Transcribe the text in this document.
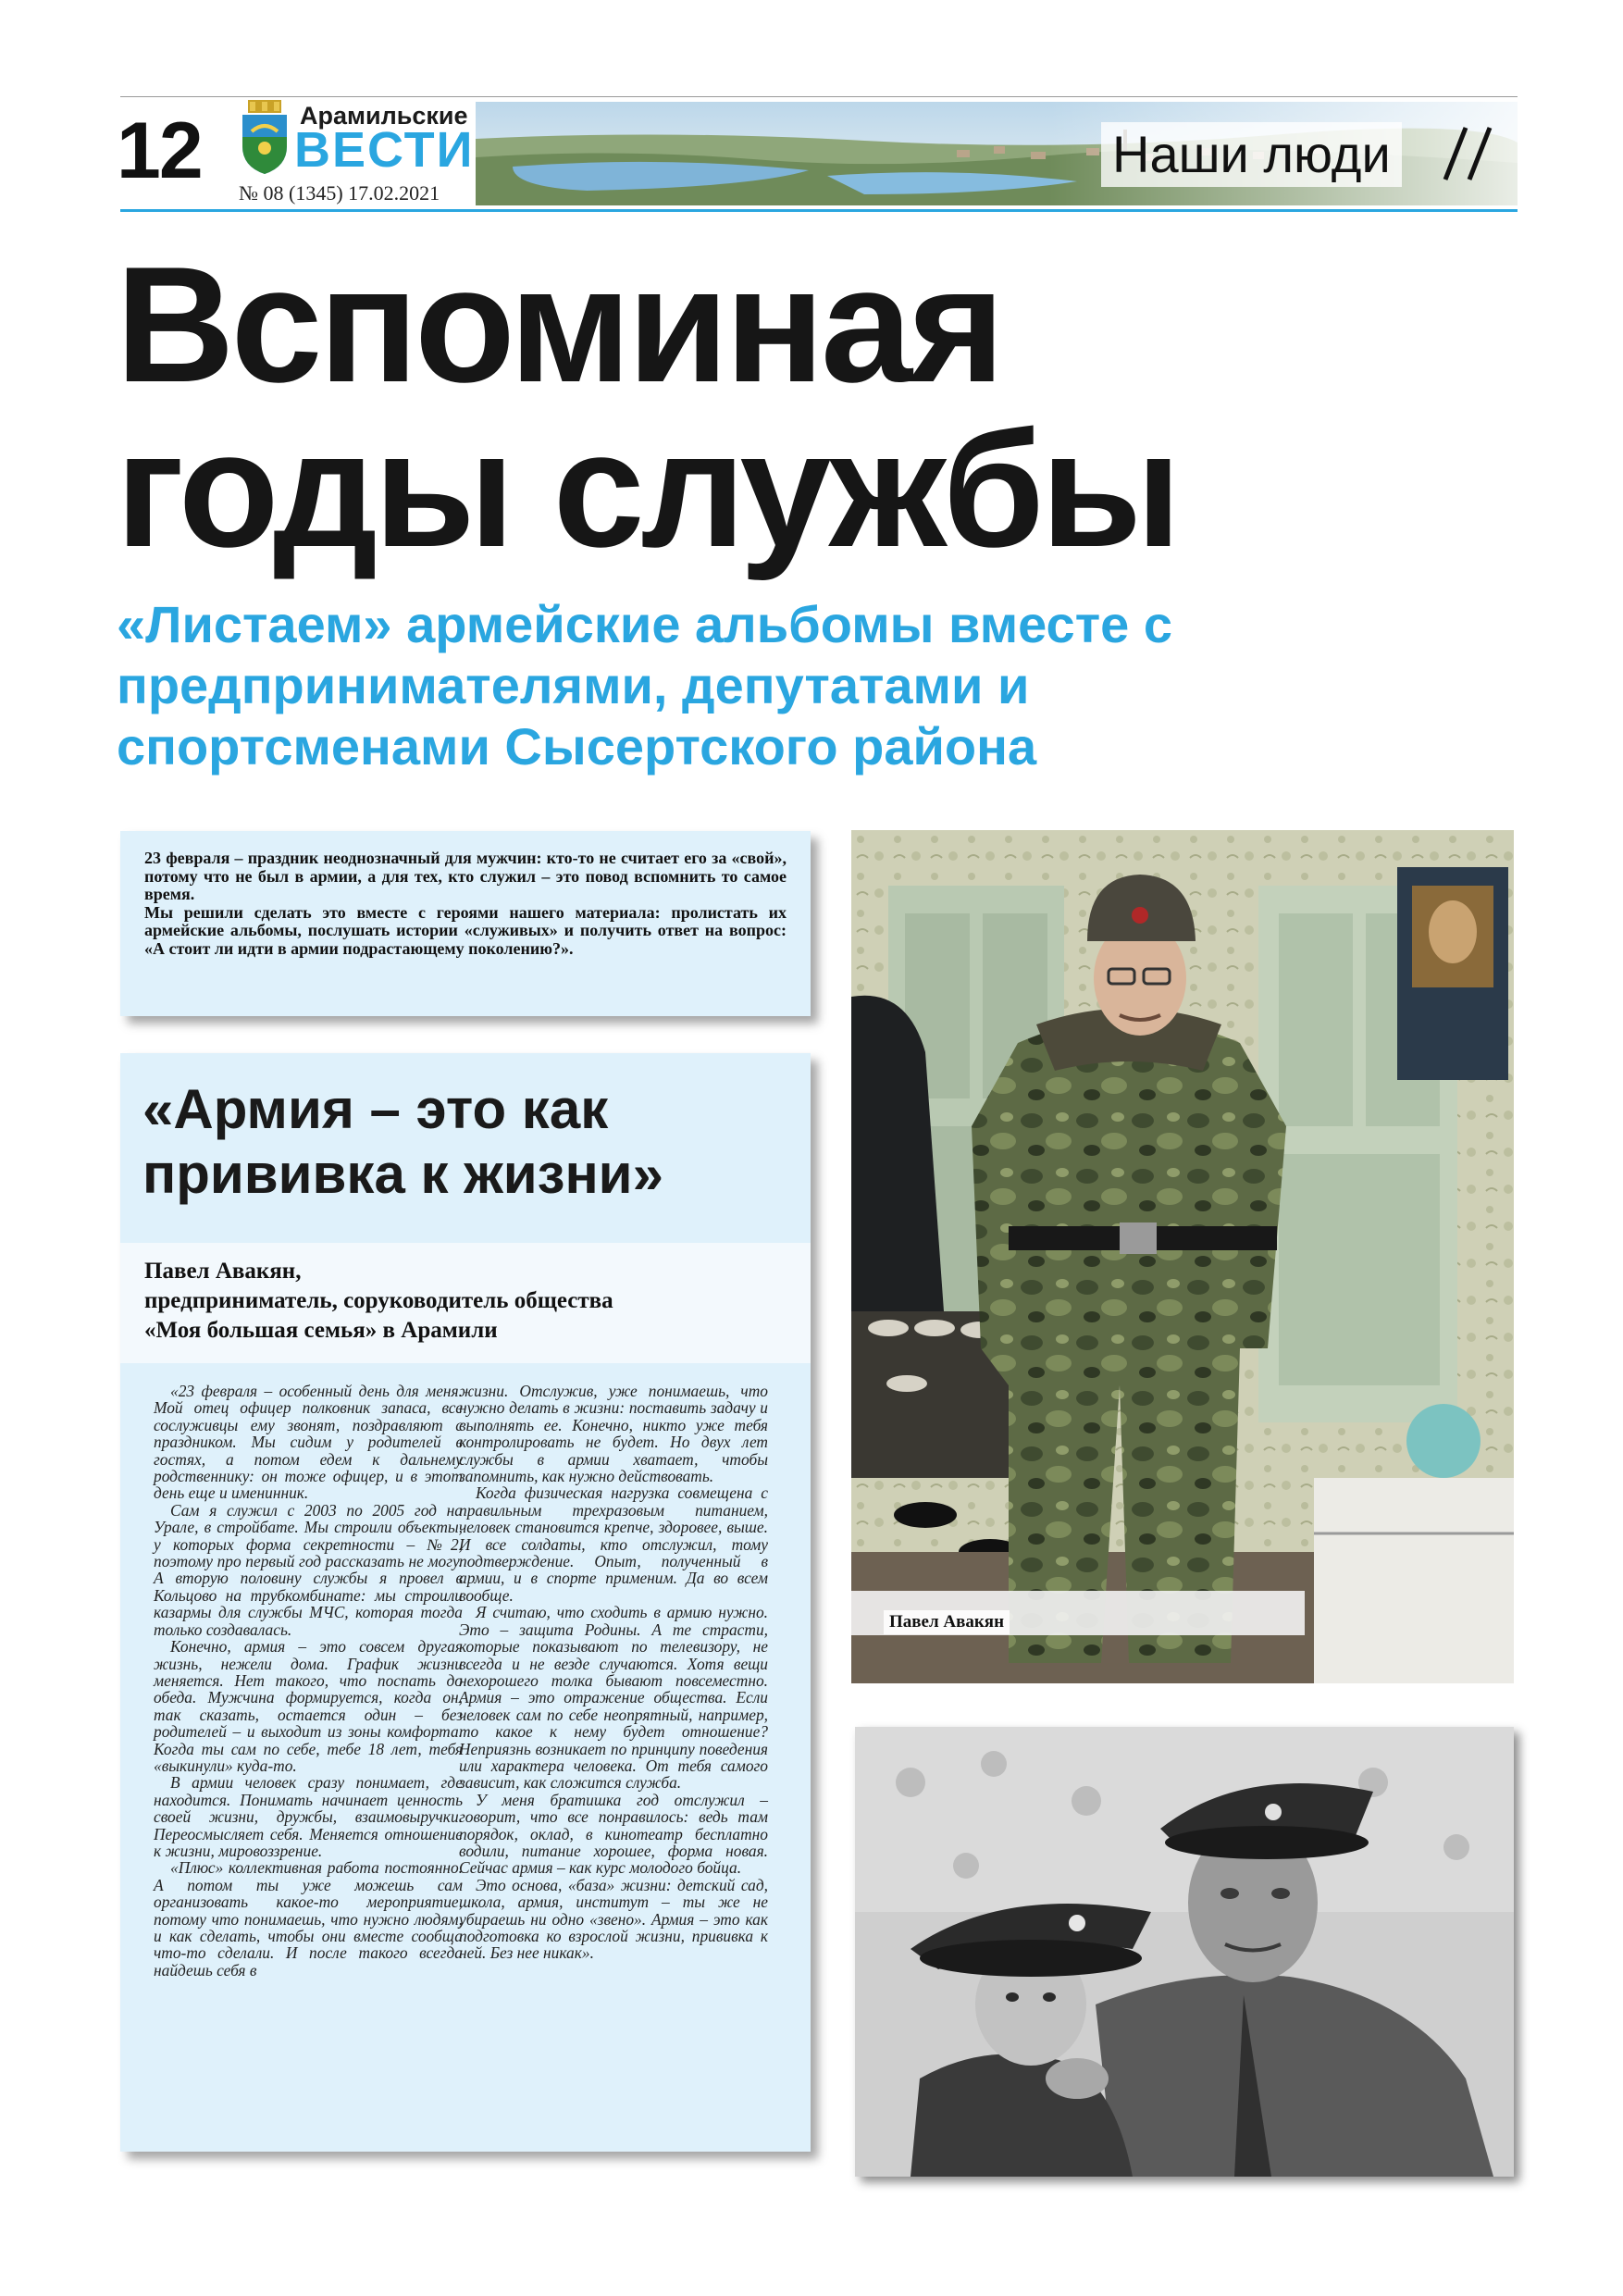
12	Арамильские
ВЕСТИ
№ 08 (1345) 17.02.2021
Наши люди
Вспоминая
годы службы
«Листаем» армейские альбомы вместе с предпринимателями, депутатами и спортсменами Сысертского района

23 февраля – праздник неоднозначный для мужчин: кто-то не считает его за «свой», потому что не был в армии, а для тех, кто служил – это повод вспомнить то самое время.

Мы решили сделать это вместе с героями нашего материала: пролистать их армейские альбомы, послушать истории «служивых» и получить ответ на вопрос: «А стоит ли идти в армии подрастающему поколению?».

«Армия – это как прививка к жизни»
Павел Авакян,
предприниматель, соруководитель общества
«Моя большая семья» в Арамили

«23 февраля – особенный день для меня. Мой отец офицер полковник запаса, все сослуживцы ему звонят, поздравляют с праздником. Мы сидим у родителей в гостях, а потом едем к дальнему родственнику: он тоже офицер, и в этот день еще и именинник.

Сам я служил с 2003 по 2005 год на Урале, в стройбате. Мы строили объекты, у которых форма секретности – №2, поэтому про первый год рассказать не могу. А вторую половину службы я провел в Кольцово на трубкомбинате: мы строили казармы для службы МЧС, которая тогда только создавалась.

Конечно, армия – это совсем другая жизнь, нежели дома. График жизни меняется. Нет такого, что поспать до обеда. Мужчина формируется, когда он, так сказать, остается один – без родителей – и выходит из зоны комфорта. Когда ты сам по себе, тебе 18 лет, тебя «выкинули» куда-то.

В армии человек сразу понимает, где находится. Понимать начинает ценность своей жизни, дружбы, взаимовыручки. Переосмысляет себя. Меняется отношение к жизни, мировоззрение.

«Плюс» коллективная работа постоянно. А потом ты уже можешь сам организовать какое-то мероприятие, потому что понимаешь, что нужно людям, и как сделать, чтобы они вместе сообща что-то сделали. И после такого всегда найдешь себя в

жизни. Отслужив, уже понимаешь, что нужно делать в жизни: поставить задачу и выполнять ее. Конечно, никто уже тебя контролировать не будет. Но двух лет службы в армии хватает, чтобы запомнить, как нужно действовать.

Когда физическая нагрузка совмещена с правильным трехразовым питанием, человек становится крепче, здоровее, выше. И все солдаты, кто отслужил, тому подтверждение. Опыт, полученный в армии, и в спорте применим. Да во всем вообще.

Я считаю, что сходить в армию нужно. Это – защита Родины. А те страсти, которые показывают по телевизору, не всегда и не везде случаются. Хотя вещи нехорошего толка бывают повсеместно. Армия – это отражение общества. Если человек сам по себе неопрятный, например, то какое к нему будет отношение? Неприязнь возникает по принципу поведения или характера человека. От тебя самого зависит, как сложится служба.

У меня братишка год отслужил – говорит, что все понравилось: ведь там порядок, оклад, в кинотеатр бесплатно водили, питание хорошее, форма новая. Сейчас армия – как курс молодого бойца.

Это основа, «база» жизни: детский сад, школа, армия, институт – ты же не убираешь ни одно «звено». Армия – это как подготовка ко взрослой жизни, прививка к ней. Без нее никак».

Павел Авакян
